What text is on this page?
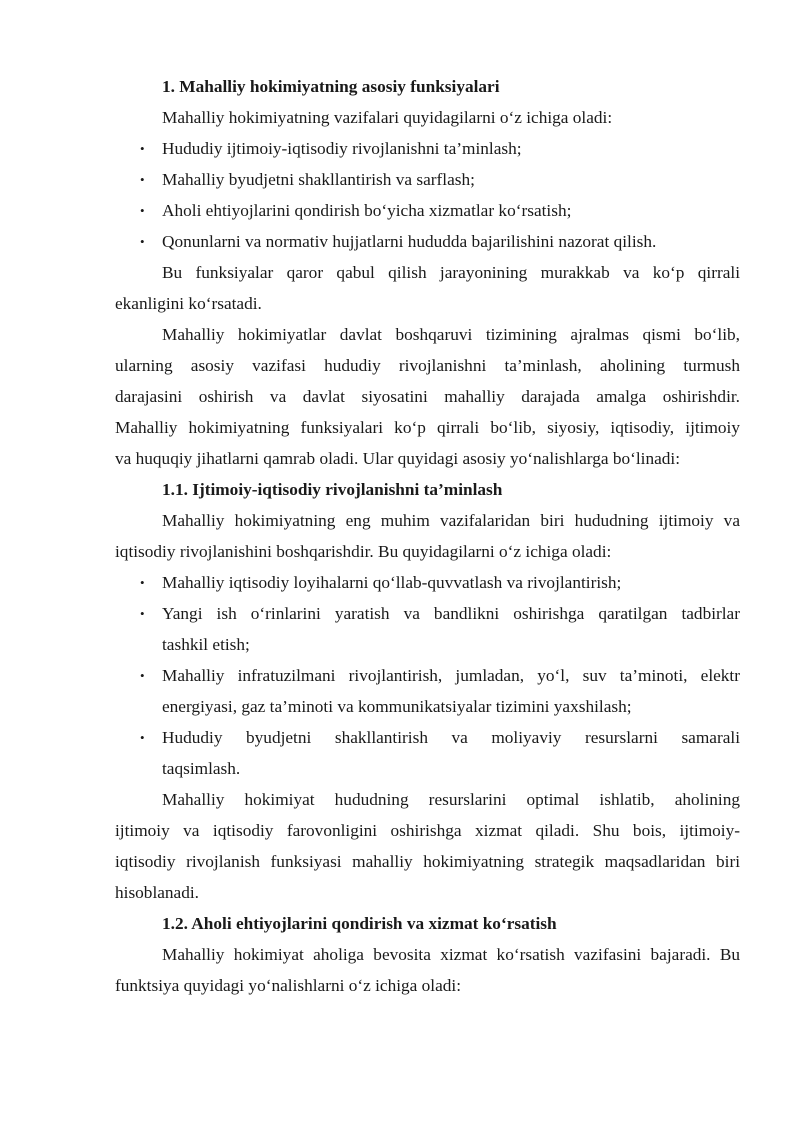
1. Mahalliy hokimiyatning asosiy funksiyalari
Mahalliy hokimiyatning vazifalari quyidagilarni o‘z ichiga oladi:
•	Hududiy ijtimoiy-iqtisodiy rivojlanishni ta’minlash;
•	Mahalliy byudjetni shakllantirish va sarflash;
•	Aholi ehtiyojlarini qondirish bo‘yicha xizmatlar ko‘rsatish;
•	Qonunlarni va normativ hujjatlarni hududda bajarilishini nazorat qilish.
Bu funksiyalar qaror qabul qilish jarayonining murakkab va ko‘p qirrali
ekanligini ko‘rsatadi.
Mahalliy hokimiyatlar davlat boshqaruvi tizimining ajralmas qismi bo‘lib,
ularning asosiy vazifasi hududiy rivojlanishni ta’minlash, aholining turmush
darajasini oshirish va davlat siyosatini mahalliy darajada amalga oshirishdir.
Mahalliy hokimiyatning funksiyalari ko‘p qirrali bo‘lib, siyosiy, iqtisodiy, ijtimoiy
va huquqiy jihatlarni qamrab oladi. Ular quyidagi asosiy yo‘nalishlarga bo‘linadi:
1.1. Ijtimoiy-iqtisodiy rivojlanishni ta’minlash
Mahalliy hokimiyatning eng muhim vazifalaridan biri hududning ijtimoiy va
iqtisodiy rivojlanishini boshqarishdir. Bu quyidagilarni o‘z ichiga oladi:
•	Mahalliy iqtisodiy loyihalarni qo‘llab-quvvatlash va rivojlantirish;
•	Yangi ish o‘rinlarini yaratish va bandlikni oshirishga qaratilgan tadbirlar
tashkil etish;
•	Mahalliy infratuzilmani rivojlantirish, jumladan, yo‘l, suv ta’minoti, elektr
energiyasi, gaz ta’minoti va kommunikatsiyalar tizimini yaxshilash;
•	Hududiy byudjetni shakllantirish va moliyaviy resurslarni samarali
taqsimlash.
Mahalliy hokimiyat hududning resurslarini optimal ishlatib, aholining
ijtimoiy va iqtisodiy farovonligini oshirishga xizmat qiladi. Shu bois, ijtimoiy-
iqtisodiy rivojlanish funksiyasi mahalliy hokimiyatning strategik maqsadlaridan biri
hisoblanadi.
1.2. Aholi ehtiyojlarini qondirish va xizmat ko‘rsatish
Mahalliy hokimiyat aholiga bevosita xizmat ko‘rsatish vazifasini bajaradi. Bu
funktsiya quyidagi yo‘nalishlarni o‘z ichiga oladi:
